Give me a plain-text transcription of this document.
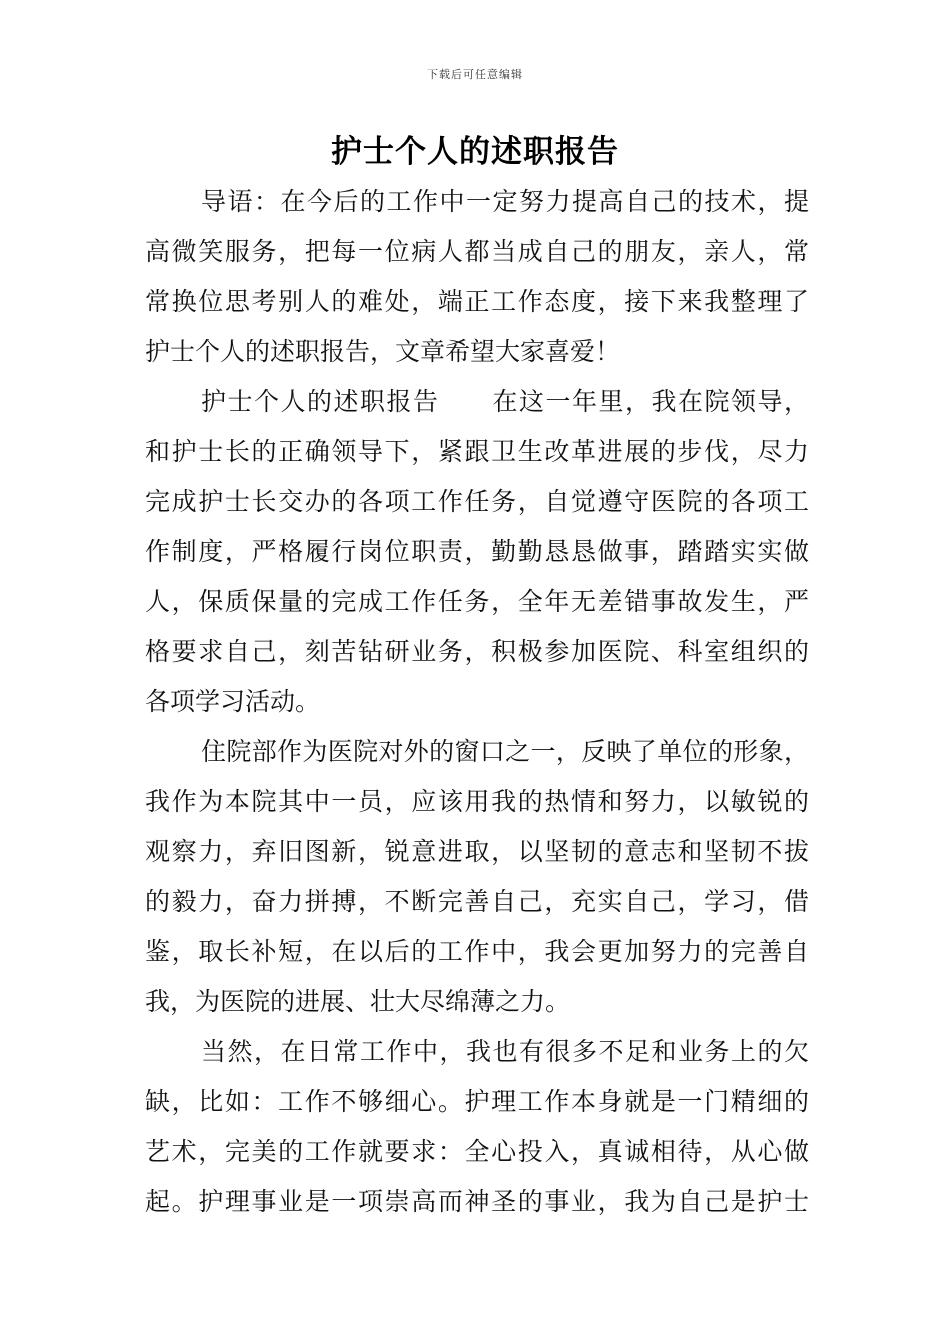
下载后可任意编辑
护士个人的述职报告
导语：在今后的工作中一定努力提高自己的技术，提
高微笑服务，把每一位病人都当成自己的朋友，亲人，常
常换位思考别人的难处，端正工作态度，接下来我整理了
护士个人的述职报告，文章希望大家喜爱！
护士个人的述职报告　　在这一年里，我在院领导，
和护士长的正确领导下，紧跟卫生改革进展的步伐，尽力
完成护士长交办的各项工作任务，自觉遵守医院的各项工
作制度，严格履行岗位职责，勤勤恳恳做事，踏踏实实做
人，保质保量的完成工作任务，全年无差错事故发生，严
格要求自己，刻苦钻研业务，积极参加医院、科室组织的
各项学习活动。
住院部作为医院对外的窗口之一，反映了单位的形象，
我作为本院其中一员，应该用我的热情和努力，以敏锐的
观察力，弃旧图新，锐意进取，以坚韧的意志和坚韧不拔
的毅力，奋力拼搏，不断完善自己，充实自己，学习，借
鉴，取长补短，在以后的工作中，我会更加努力的完善自
我，为医院的进展、壮大尽绵薄之力。
当然，在日常工作中，我也有很多不足和业务上的欠
缺，比如：工作不够细心。护理工作本身就是一门精细的
艺术，完美的工作就要求：全心投入，真诚相待，从心做
起。护理事业是一项崇高而神圣的事业，我为自己是护士
